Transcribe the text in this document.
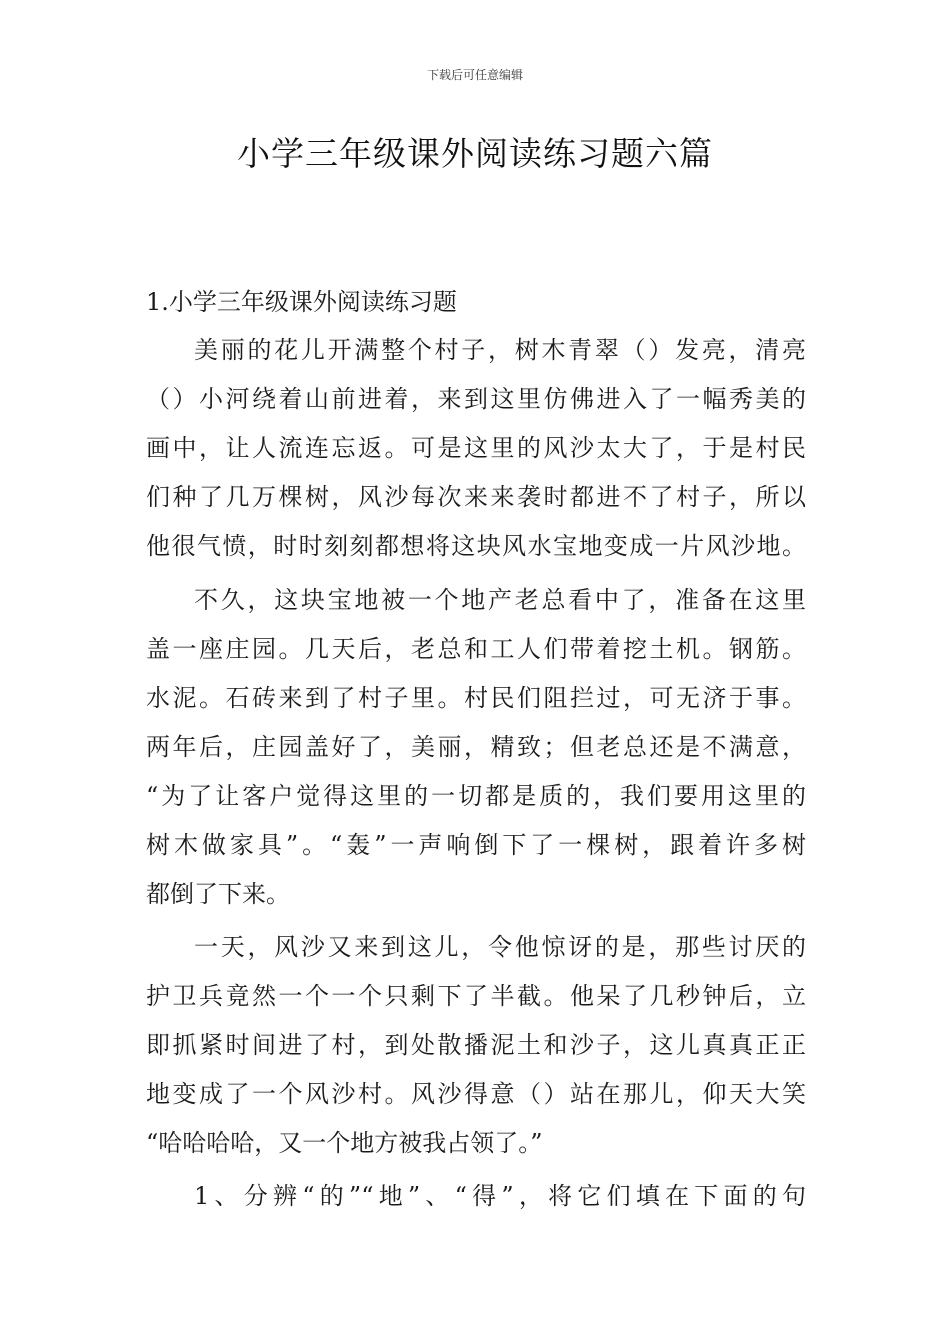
下载后可任意编辑
小学三年级课外阅读练习题六篇
1.小学三年级课外阅读练习题
美丽的花儿开满整个村子，树木青翠（）发亮，清亮
（）小河绕着山前进着，来到这里仿佛进入了一幅秀美的
画中，让人流连忘返。可是这里的风沙太大了，于是村民
们种了几万棵树，风沙每次来来袭时都进不了村子，所以
他很气愤，时时刻刻都想将这块风水宝地变成一片风沙地。
不久，这块宝地被一个地产老总看中了，准备在这里
盖一座庄园。几天后，老总和工人们带着挖土机。钢筋。
水泥。石砖来到了村子里。村民们阻拦过，可无济于事。
两年后，庄园盖好了，美丽，精致；但老总还是不满意，
“为了让客户觉得这里的一切都是质的，我们要用这里的
树木做家具”。“轰”一声响倒下了一棵树，跟着许多树
都倒了下来。
一天，风沙又来到这儿，令他惊讶的是，那些讨厌的
护卫兵竟然一个一个只剩下了半截。他呆了几秒钟后，立
即抓紧时间进了村，到处散播泥土和沙子，这儿真真正正
地变成了一个风沙村。风沙得意（）站在那儿，仰天大笑
“哈哈哈哈，又一个地方被我占领了。”
1、分辨“的”“地”、“得”，将它们填在下面的句
